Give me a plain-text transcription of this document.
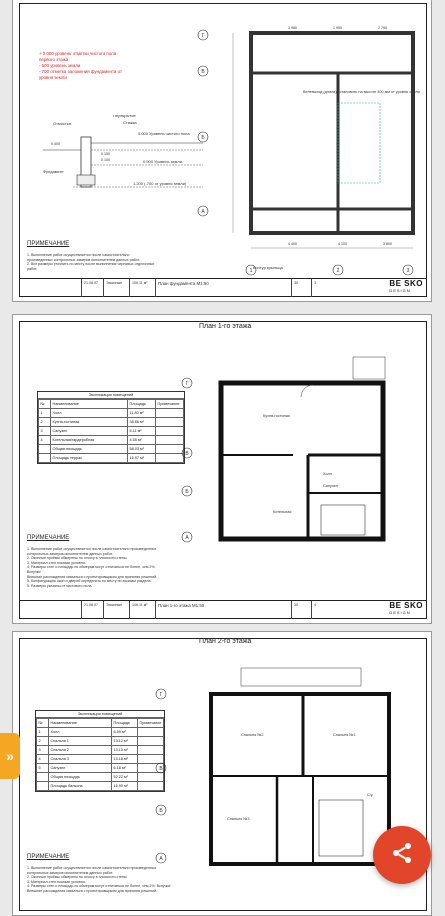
+ 0.000 уровень отметки чистого пола
первого этажа
- 500 уровень земли
- 700 отметка заложения фундамента от
уровня земли
Отмостка
Перекрытие
Стяжка
0.000 Уровень чистого пола
0.500 Уровень земли
1.200 (-700 от уровня земли)
Фундамент
0.400
0.150
0.100
Г
В
Б
А
Вентвыход (длина) установить на высоте 400 мм от уровня земли
Контур крыльца
3 980	1 950	2 790
4 400	4 100	3 800
1	2	3
ПРИМЕЧАНИЕ
1. Выполнение работ осуществляется после самостоятельно
произведенных контрольных замеров исполнителем данных работ.
2. Все размеры уточнить по месту после выполнения черновых отделочных
работ.
21.08.07	Эскизные	106.11 м²	План фундамента М1:50	30	3	BE SKO
DESIGN
План 1-го этажа
Экспликация помещений
№	Наименование	Площадь	Примечание
1	Холл	11.80 м²	
2	Кухня-гостиная	38.66 м²	
3	Санузел	5.11 м²	
4	Котельная/гардеробная	4.55 м²	
	Общая площадь	58.03 м²	
	Площадь террас	16.97 м²	
Г
В
Б
А
Кухня-гостиная
Холл
Санузел
Котельная
ПРИМЕЧАНИЕ
1. Выполнение работ осуществляется после самостоятельно произведенных
контрольных замеров исполнителем данных работ.
2. Оконные проёмы обмерены по откосу в плоскости стены.
3. Материал стен показан условно.
4. Размеры стен и площадь по обмерам могут отличаться не более, чем 2%.
Вспучки:
Внешние расхождения связаться с проектировщиком для принятия решений.
5. Конфигурацию окон и дверей определить по месту по эскизам раздела.
5. Размеры указаны от чистового пола.
21.08.07	Эскизные	106.11 м²	План 1-го этажа М1:50	30	4	BE SKO
DESIGN
План 2-го этажа
Экспликация помещений
№	Наименование	Площадь	Примечание
1	Холл	6.59 м²	
2	Спальня 1	13.12 м²	
3	Спальня 2	13.15 м²	
4	Спальня 3	13.18 м²	
5	Санузел	6.18 м²	
	Общая площадь	52.22 м²	
	Площадь балкона	16.99 м²	
Г
В
Б
А
Спальня №2	Спальня №1
Спальня №3
С/у
ПРИМЕЧАНИЕ
1. Выполнение работ осуществляется после самостоятельно произведенных
контрольных замеров исполнителем данных работ.
2. Оконные проёмы обмерены по откосу в плоскости стены.
3. Материал стен показан условно.
4. Размеры стен и площадь по обмерам могут отличаться не более, чем 2%. Вспучки:
Внешние расхождения связаться с проектировщиком для принятия решений.
»
